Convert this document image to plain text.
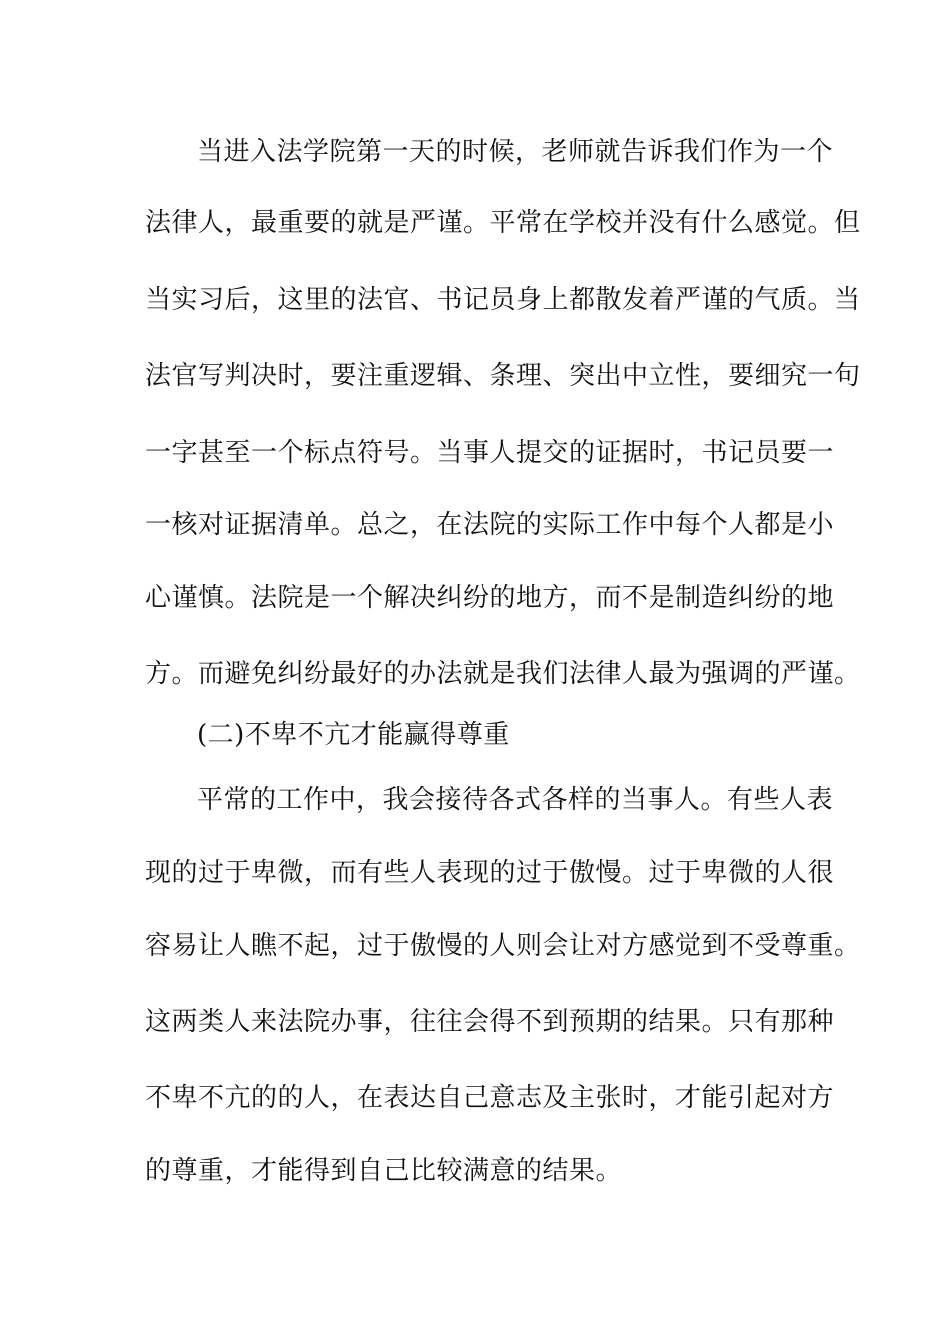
当进入法学院第一天的时候，老师就告诉我们作为一个
法律人，最重要的就是严谨。平常在学校并没有什么感觉。但
当实习后，这里的法官、书记员身上都散发着严谨的气质。当
法官写判决时，要注重逻辑、条理、突出中立性，要细究一句
一字甚至一个标点符号。当事人提交的证据时，书记员要一
一核对证据清单。总之，在法院的实际工作中每个人都是小
心谨慎。法院是一个解决纠纷的地方，而不是制造纠纷的地
方。而避免纠纷最好的办法就是我们法律人最为强调的严谨。
(二)不卑不亢才能赢得尊重
平常的工作中，我会接待各式各样的当事人。有些人表
现的过于卑微，而有些人表现的过于傲慢。过于卑微的人很
容易让人瞧不起，过于傲慢的人则会让对方感觉到不受尊重。
这两类人来法院办事，往往会得不到预期的结果。只有那种
不卑不亢的的人，在表达自己意志及主张时，才能引起对方
的尊重，才能得到自己比较满意的结果。
